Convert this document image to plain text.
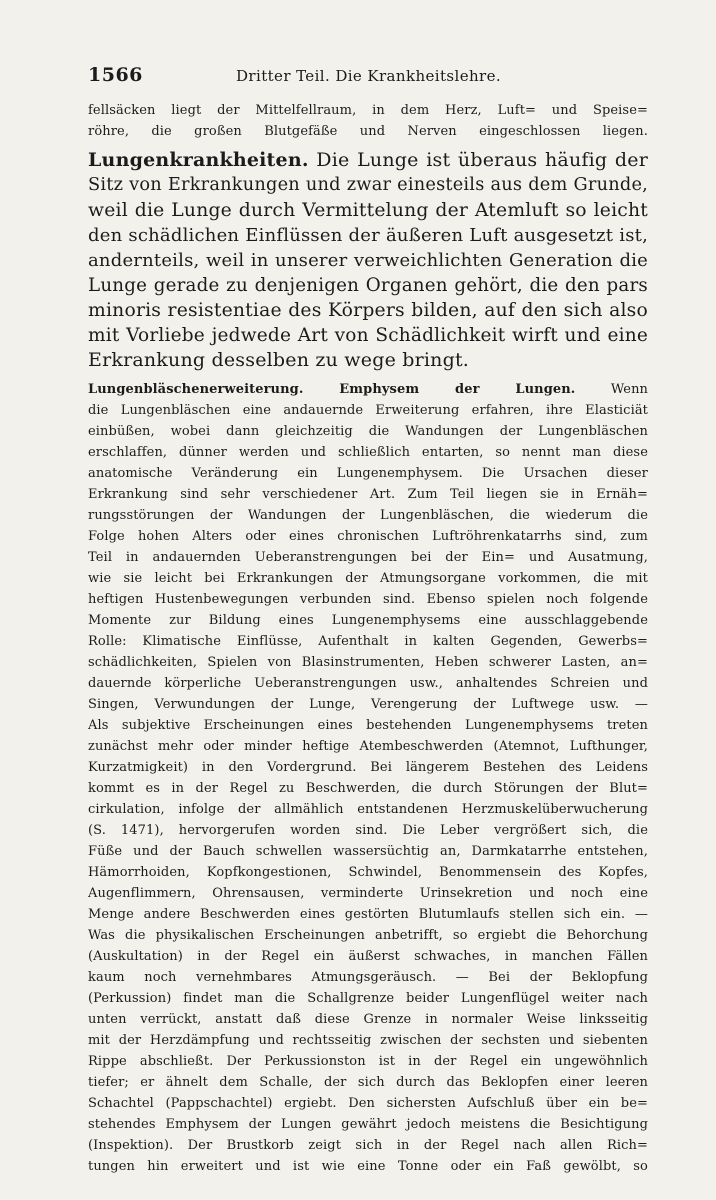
1566	Dritter Teil. Die Krankheitslehre.
fellsäcken liegt der Mittelfellraum, in dem Herz, Luft= und Speise=
röhre, die großen Blutgefäße und Nerven eingeschlossen liegen.
Lungenkrankheiten. Die Lunge ist überaus häufig der
Sitz von Erkrankungen und zwar einesteils aus dem Grunde,
weil die Lunge durch Vermittelung der Atemluft so leicht
den schädlichen Einflüssen der äußeren Luft ausgesetzt ist,
andernteils, weil in unserer verweichlichten Generation die
Lunge gerade zu denjenigen Organen gehört, die den pars
minoris resistentiae des Körpers bilden, auf den sich also
mit Vorliebe jedwede Art von Schädlichkeit wirft und eine
Erkrankung desselben zu wege bringt.
Lungenbläschenerweiterung. Emphysem der Lungen.	Wenn
die Lungenbläschen eine andauernde Erweiterung erfahren, ihre Elasticiät
einbüßen, wobei dann gleichzeitig die Wandungen der Lungenbläschen
erschlaffen, dünner werden und schließlich entarten, so nennt man diese
anatomische Veränderung ein Lungenemphysem. Die Ursachen dieser
Erkrankung sind sehr verschiedener Art. Zum Teil liegen sie in Ernäh=
rungsstörungen der Wandungen der Lungenbläschen, die wiederum die
Folge hohen Alters oder eines chronischen Luftröhrenkatarrhs sind, zum
Teil in andauernden Ueberanstrengungen bei der Ein= und Ausatmung,
wie sie leicht bei Erkrankungen der Atmungsorgane vorkommen, die mit
heftigen Hustenbewegungen verbunden sind. Ebenso spielen noch folgende
Momente zur Bildung eines Lungenemphysems eine ausschlaggebende
Rolle: Klimatische Einflüsse, Aufenthalt in kalten Gegenden, Gewerbs=
schädlichkeiten, Spielen von Blasinstrumenten, Heben schwerer Lasten, an=
dauernde körperliche Ueberanstrengungen usw., anhaltendes Schreien und
Singen, Verwundungen der Lunge, Verengerung der Luftwege usw. —
Als subjektive Erscheinungen eines bestehenden Lungenemphysems treten
zunächst mehr oder minder heftige Atembeschwerden (Atemnot, Lufthunger,
Kurzatmigkeit) in den Vordergrund. Bei längerem Bestehen des Leidens
kommt es in der Regel zu Beschwerden, die durch Störungen der Blut=
cirkulation, infolge der allmählich entstandenen Herzmuskelüberwucherung
(S. 1471), hervorgerufen worden sind. Die Leber vergrößert sich, die
Füße und der Bauch schwellen wassersüchtig an, Darmkatarrhe entstehen,
Hämorrhoiden, Kopfkongestionen, Schwindel, Benommensein des Kopfes,
Augenflimmern, Ohrensausen, verminderte Urinsekretion und noch eine
Menge andere Beschwerden eines gestörten Blutumlaufs stellen sich ein. —
Was die physikalischen Erscheinungen anbetrifft, so ergiebt die Behorchung
(Auskultation) in der Regel ein äußerst schwaches, in manchen Fällen
kaum noch vernehmbares Atmungsgeräusch. — Bei der Beklopfung
(Perkussion) findet man die Schallgrenze beider Lungenflügel weiter nach
unten verrückt, anstatt daß diese Grenze in normaler Weise linksseitig
mit der Herzdämpfung und rechtsseitig zwischen der sechsten und siebenten
Rippe abschließt. Der Perkussionston ist in der Regel ein ungewöhnlich
tiefer; er ähnelt dem Schalle, der sich durch das Beklopfen einer leeren
Schachtel (Pappschachtel) ergiebt. Den sichersten Aufschluß über ein be=
stehendes Emphysem der Lungen gewährt jedoch meistens die Besichtigung
(Inspektion). Der Brustkorb zeigt sich in der Regel nach allen Rich=
tungen hin erweitert und ist wie eine Tonne oder ein Faß gewölbt, so
